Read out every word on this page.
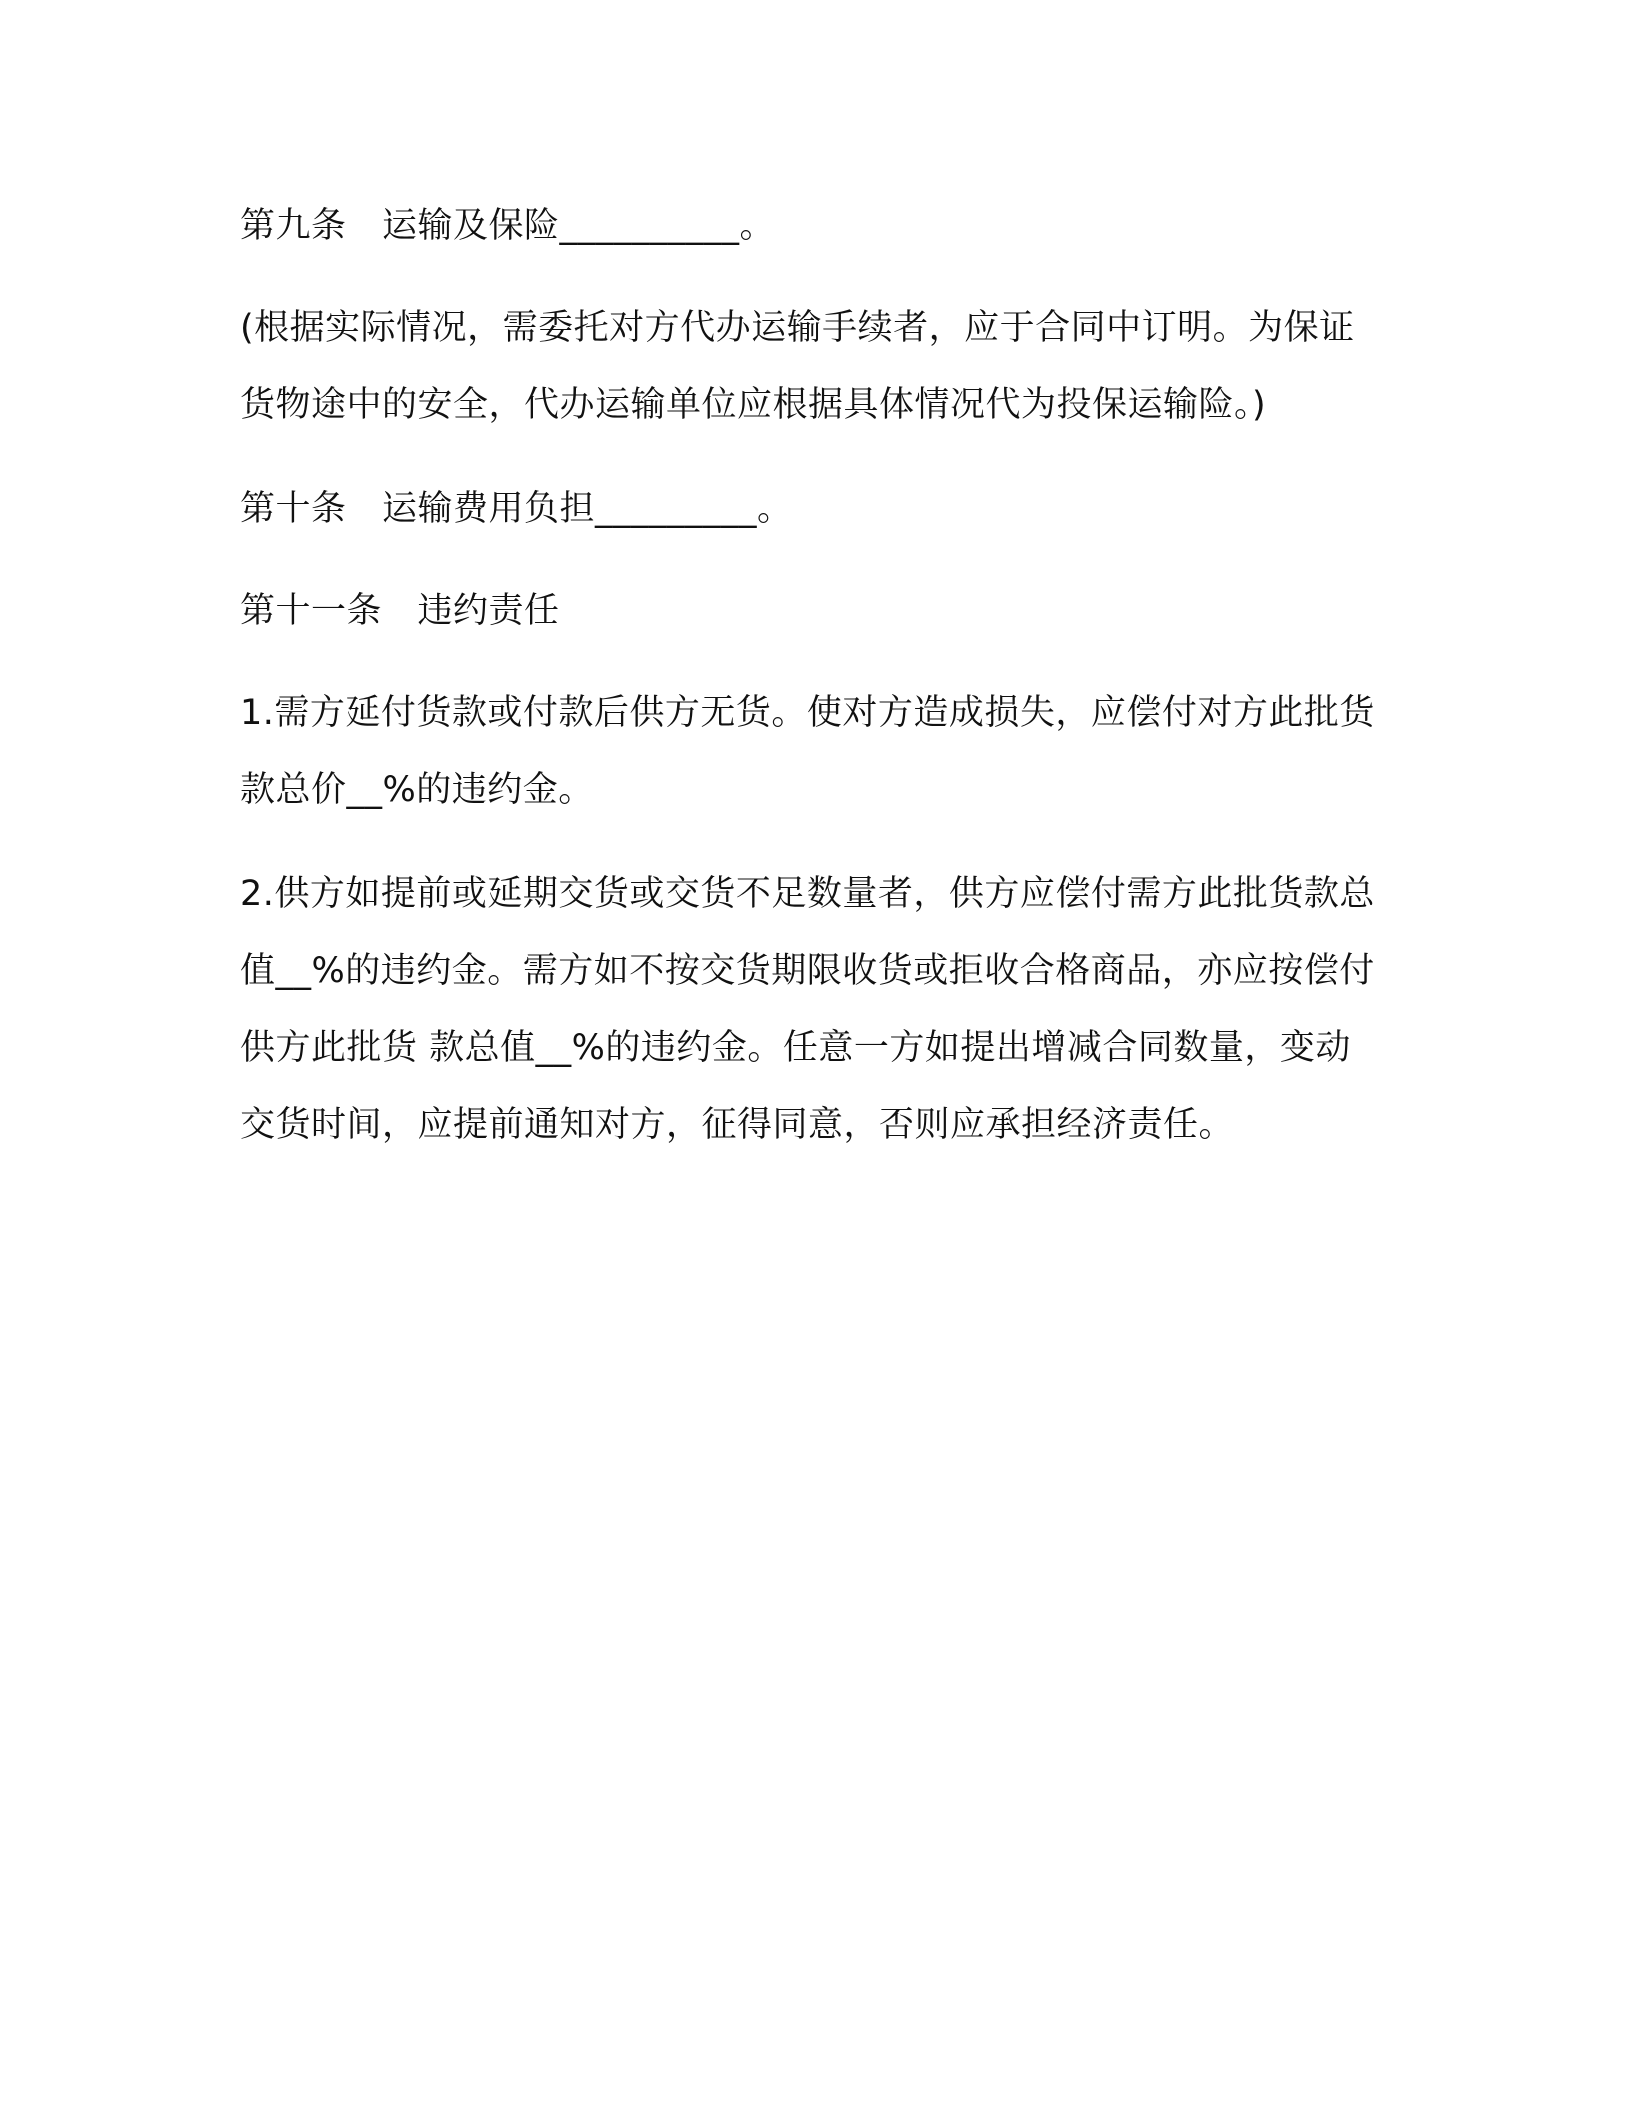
第九条　运输及保险__________。

(根据实际情况，需委托对方代办运输手续者，应于合同中订明。为保证货物途中的安全，代办运输单位应根据具体情况代为投保运输险。)

第十条　运输费用负担_________。

第十一条　违约责任

1.需方延付货款或付款后供方无货。使对方造成损失，应偿付对方此批货款总价__%的违约金。

2.供方如提前或延期交货或交货不足数量者，供方应偿付需方此批货款总值__%的违约金。需方如不按交货期限收货或拒收合格商品，亦应按偿付供方此批货 款总值__%的违约金。任意一方如提出增减合同数量，变动交货时间，应提前通知对方，征得同意，否则应承担经济责任。
